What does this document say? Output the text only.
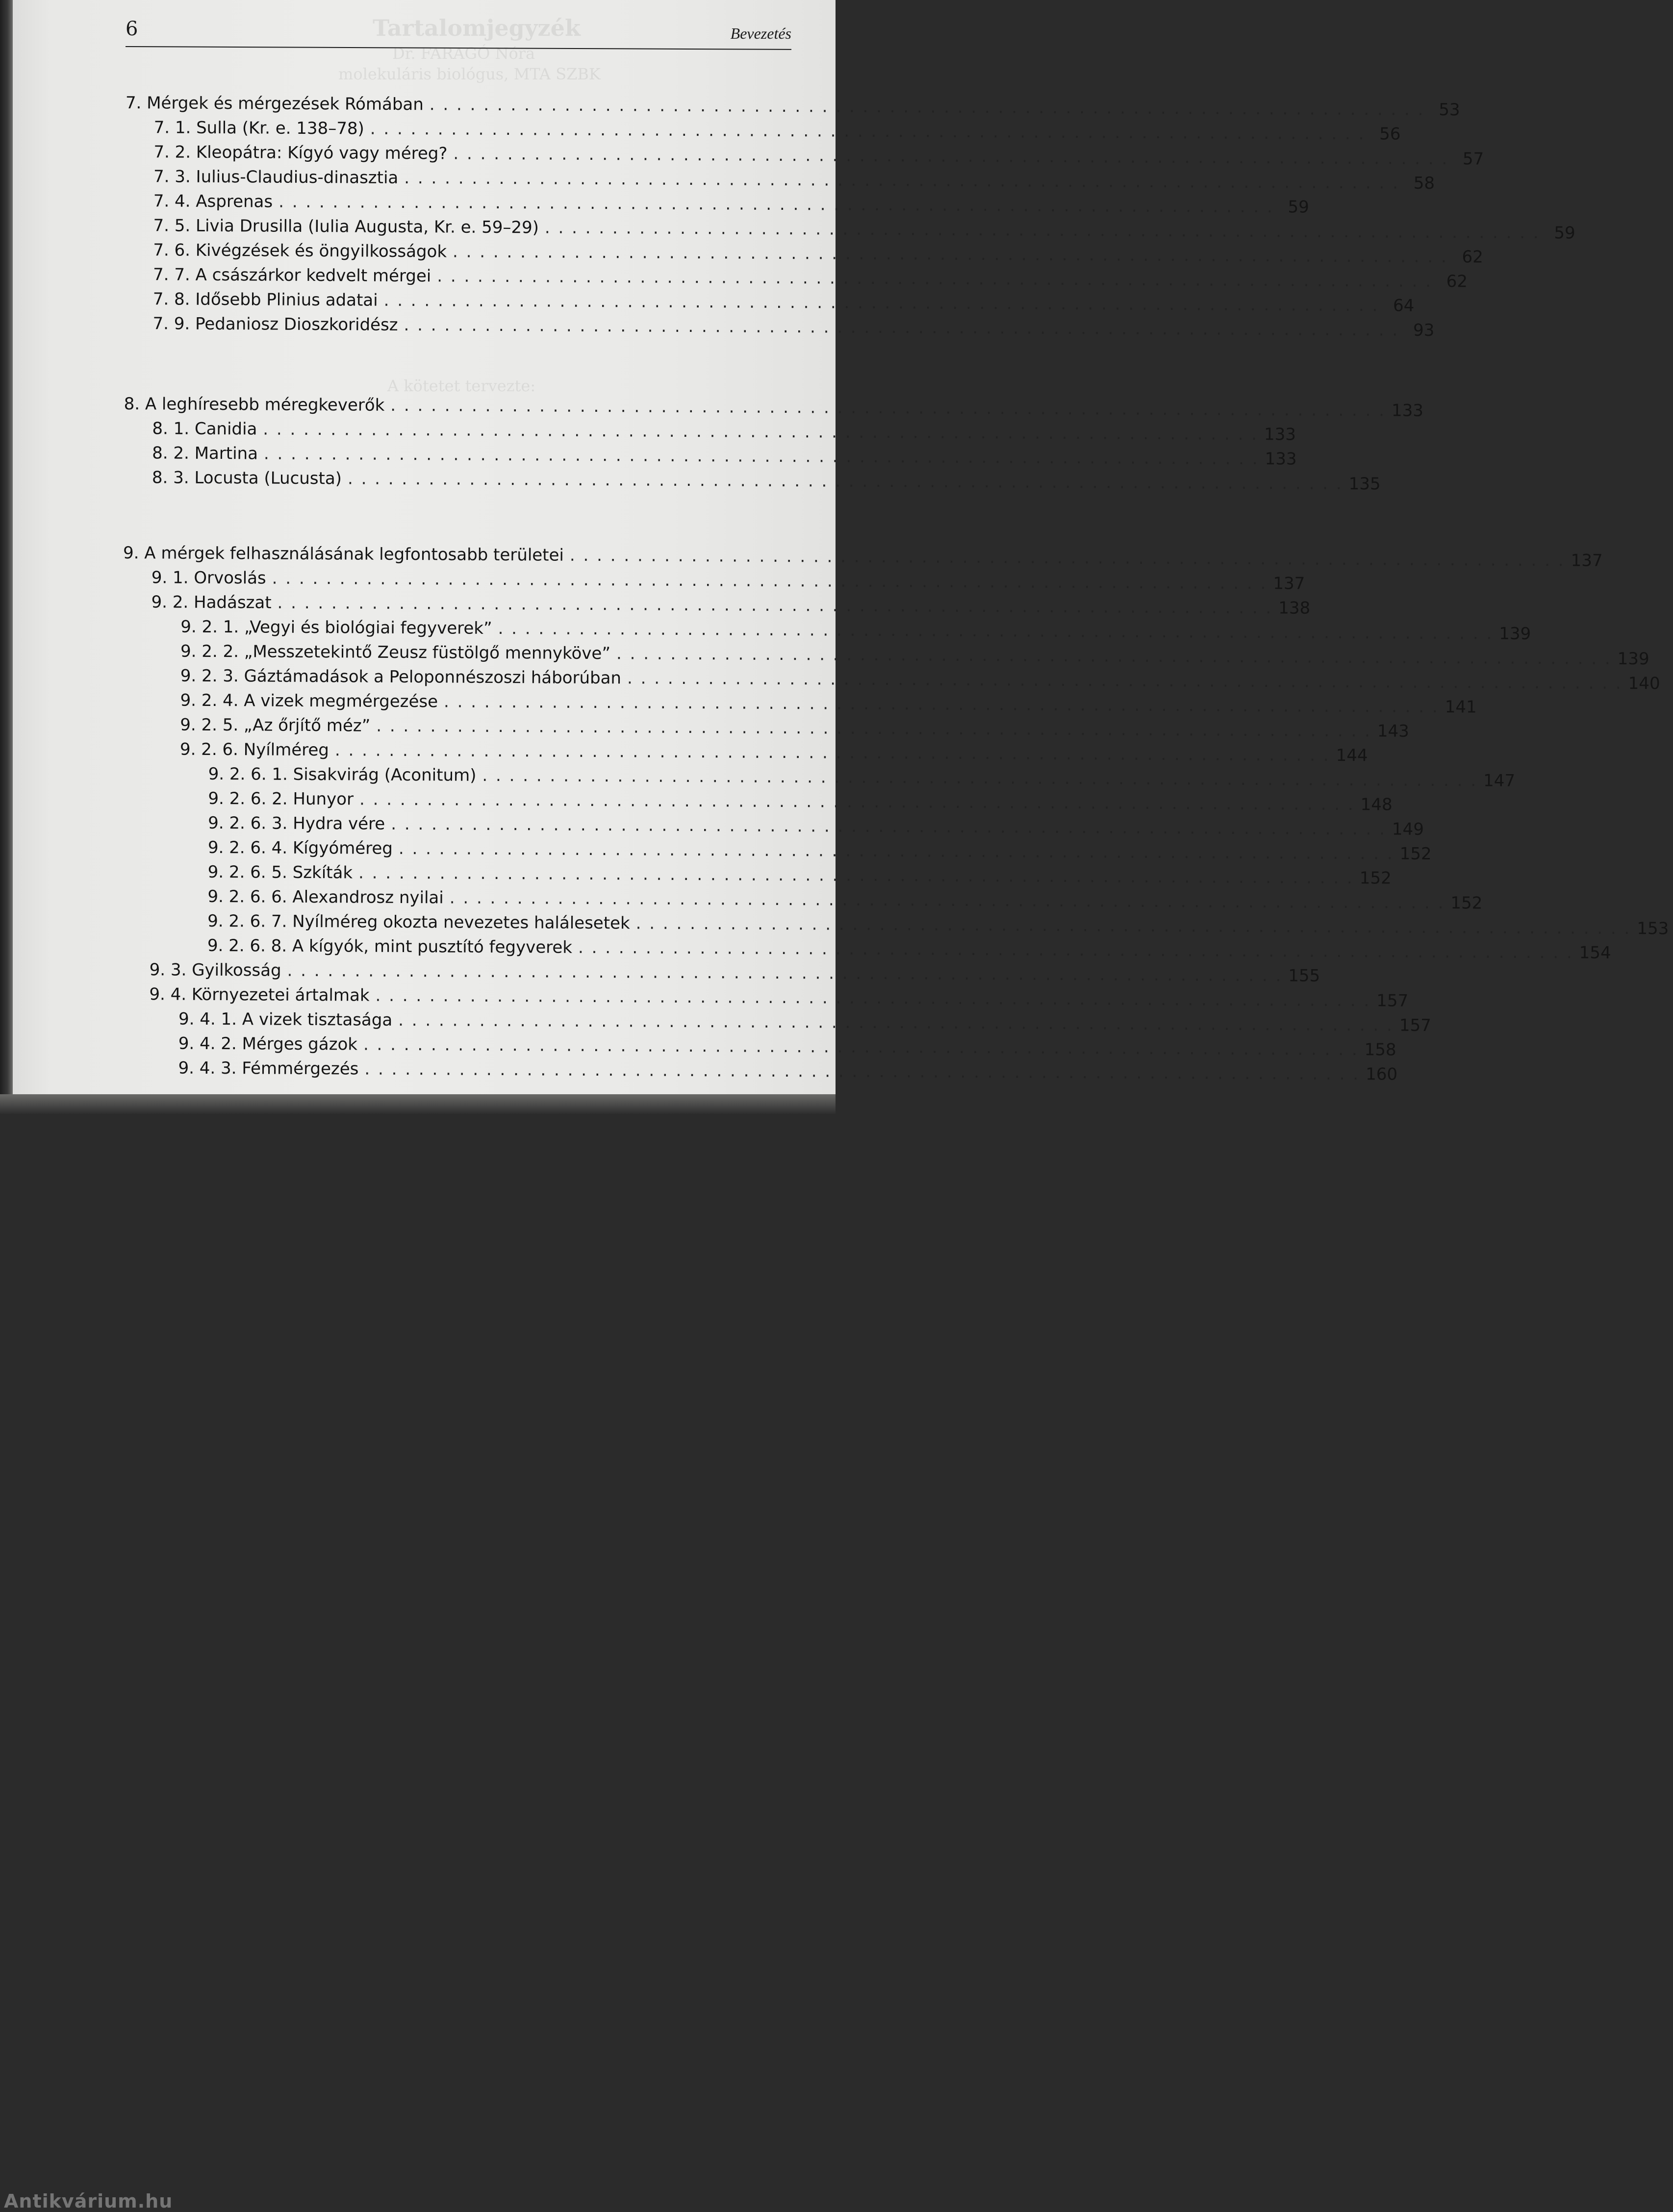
Tartalomjegyzék
Dr. FARAGÓ Nóra
molekuláris biológus, MTA SZBK
A kötetet tervezte:
6	Bevezetés
7. Mérgek és mérgezések Rómában . . . . . . . . . . . . . . . . . . . . . . . . . . . . . . . . . . . . . . . . . . . . . . . . . . . . . . . . . . . . . . . . . . . . . . . . . . 53
7. 1. Sulla (Kr. e. 138–78) . . . . . . . . . . . . . . . . . . . . . . . . . . . . . . . . . . . . . . . . . . . . . . . . . . . . . . . . . . . . . . . . . . . . . . . . . . 56
7. 2. Kleopátra: Kígyó vagy méreg? . . . . . . . . . . . . . . . . . . . . . . . . . . . . . . . . . . . . . . . . . . . . . . . . . . . . . . . . . . . . . . . . . . . . . . . . . . 57
7. 3. Iulius-Claudius-dinasztia . . . . . . . . . . . . . . . . . . . . . . . . . . . . . . . . . . . . . . . . . . . . . . . . . . . . . . . . . . . . . . . . . . . . . . . . . . 58
7. 4. Asprenas . . . . . . . . . . . . . . . . . . . . . . . . . . . . . . . . . . . . . . . . . . . . . . . . . . . . . . . . . . . . . . . . . . . . . . . . . . 59
7. 5. Livia Drusilla (Iulia Augusta, Kr. e. 59–29) . . . . . . . . . . . . . . . . . . . . . . . . . . . . . . . . . . . . . . . . . . . . . . . . . . . . . . . . . . . . . . . . . . . . . . . . . . 59
7. 6. Kivégzések és öngyilkosságok . . . . . . . . . . . . . . . . . . . . . . . . . . . . . . . . . . . . . . . . . . . . . . . . . . . . . . . . . . . . . . . . . . . . . . . . . . 62
7. 7. A császárkor kedvelt mérgei . . . . . . . . . . . . . . . . . . . . . . . . . . . . . . . . . . . . . . . . . . . . . . . . . . . . . . . . . . . . . . . . . . . . . . . . . . 62
7. 8. Idősebb Plinius adatai . . . . . . . . . . . . . . . . . . . . . . . . . . . . . . . . . . . . . . . . . . . . . . . . . . . . . . . . . . . . . . . . . . . . . . . . . . 64
7. 9. Pedaniosz Dioszkoridész . . . . . . . . . . . . . . . . . . . . . . . . . . . . . . . . . . . . . . . . . . . . . . . . . . . . . . . . . . . . . . . . . . . . . . . . . . 93
8. A leghíresebb méregkeverők . . . . . . . . . . . . . . . . . . . . . . . . . . . . . . . . . . . . . . . . . . . . . . . . . . . . . . . . . . . . . . . . . . . . . . . . . . 133
8. 1. Canidia . . . . . . . . . . . . . . . . . . . . . . . . . . . . . . . . . . . . . . . . . . . . . . . . . . . . . . . . . . . . . . . . . . . . . . . . . . 133
8. 2. Martina . . . . . . . . . . . . . . . . . . . . . . . . . . . . . . . . . . . . . . . . . . . . . . . . . . . . . . . . . . . . . . . . . . . . . . . . . . 133
8. 3. Locusta (Lucusta) . . . . . . . . . . . . . . . . . . . . . . . . . . . . . . . . . . . . . . . . . . . . . . . . . . . . . . . . . . . . . . . . . . . . . . . . . . 135
9. A mérgek felhasználásának legfontosabb területei . . . . . . . . . . . . . . . . . . . . . . . . . . . . . . . . . . . . . . . . . . . . . . . . . . . . . . . . . . . . . . . . . . . . . . . . . . 137
9. 1. Orvoslás . . . . . . . . . . . . . . . . . . . . . . . . . . . . . . . . . . . . . . . . . . . . . . . . . . . . . . . . . . . . . . . . . . . . . . . . . . 137
9. 2. Hadászat . . . . . . . . . . . . . . . . . . . . . . . . . . . . . . . . . . . . . . . . . . . . . . . . . . . . . . . . . . . . . . . . . . . . . . . . . . 138
9. 2. 1. „Vegyi és biológiai fegyverek” . . . . . . . . . . . . . . . . . . . . . . . . . . . . . . . . . . . . . . . . . . . . . . . . . . . . . . . . . . . . . . . . . . . . . . . . . . 139
9. 2. 2. „Messzetekintő Zeusz füstölgő mennyköve” . . . . . . . . . . . . . . . . . . . . . . . . . . . . . . . . . . . . . . . . . . . . . . . . . . . . . . . . . . . . . . . . . . . . . . . . . . 139
9. 2. 3. Gáztámadások a Peloponnészoszi háborúban . . . . . . . . . . . . . . . . . . . . . . . . . . . . . . . . . . . . . . . . . . . . . . . . . . . . . . . . . . . . . . . . . . . . . . . . . . 140
9. 2. 4. A vizek megmérgezése . . . . . . . . . . . . . . . . . . . . . . . . . . . . . . . . . . . . . . . . . . . . . . . . . . . . . . . . . . . . . . . . . . . . . . . . . . 141
9. 2. 5. „Az őrjítő méz” . . . . . . . . . . . . . . . . . . . . . . . . . . . . . . . . . . . . . . . . . . . . . . . . . . . . . . . . . . . . . . . . . . . . . . . . . . 143
9. 2. 6. Nyílméreg . . . . . . . . . . . . . . . . . . . . . . . . . . . . . . . . . . . . . . . . . . . . . . . . . . . . . . . . . . . . . . . . . . . . . . . . . . 144
9. 2. 6. 1. Sisakvirág (Aconitum) . . . . . . . . . . . . . . . . . . . . . . . . . . . . . . . . . . . . . . . . . . . . . . . . . . . . . . . . . . . . . . . . . . . . . . . . . . 147
9. 2. 6. 2. Hunyor . . . . . . . . . . . . . . . . . . . . . . . . . . . . . . . . . . . . . . . . . . . . . . . . . . . . . . . . . . . . . . . . . . . . . . . . . . 148
9. 2. 6. 3. Hydra vére . . . . . . . . . . . . . . . . . . . . . . . . . . . . . . . . . . . . . . . . . . . . . . . . . . . . . . . . . . . . . . . . . . . . . . . . . . 149
9. 2. 6. 4. Kígyóméreg . . . . . . . . . . . . . . . . . . . . . . . . . . . . . . . . . . . . . . . . . . . . . . . . . . . . . . . . . . . . . . . . . . . . . . . . . . 152
9. 2. 6. 5. Szkíták . . . . . . . . . . . . . . . . . . . . . . . . . . . . . . . . . . . . . . . . . . . . . . . . . . . . . . . . . . . . . . . . . . . . . . . . . . 152
9. 2. 6. 6. Alexandrosz nyilai . . . . . . . . . . . . . . . . . . . . . . . . . . . . . . . . . . . . . . . . . . . . . . . . . . . . . . . . . . . . . . . . . . . . . . . . . . 152
9. 2. 6. 7. Nyílméreg okozta nevezetes halálesetek . . . . . . . . . . . . . . . . . . . . . . . . . . . . . . . . . . . . . . . . . . . . . . . . . . . . . . . . . . . . . . . . . . . . . . . . . . 153
9. 2. 6. 8. A kígyók, mint pusztító fegyverek . . . . . . . . . . . . . . . . . . . . . . . . . . . . . . . . . . . . . . . . . . . . . . . . . . . . . . . . . . . . . . . . . . . . . . . . . . 154
9. 3. Gyilkosság . . . . . . . . . . . . . . . . . . . . . . . . . . . . . . . . . . . . . . . . . . . . . . . . . . . . . . . . . . . . . . . . . . . . . . . . . . 155
9. 4. Környezetei ártalmak . . . . . . . . . . . . . . . . . . . . . . . . . . . . . . . . . . . . . . . . . . . . . . . . . . . . . . . . . . . . . . . . . . . . . . . . . . 157
9. 4. 1. A vizek tisztasága . . . . . . . . . . . . . . . . . . . . . . . . . . . . . . . . . . . . . . . . . . . . . . . . . . . . . . . . . . . . . . . . . . . . . . . . . . 157
9. 4. 2. Mérges gázok . . . . . . . . . . . . . . . . . . . . . . . . . . . . . . . . . . . . . . . . . . . . . . . . . . . . . . . . . . . . . . . . . . . . . . . . . . 158
9. 4. 3. Fémmérgezés . . . . . . . . . . . . . . . . . . . . . . . . . . . . . . . . . . . . . . . . . . . . . . . . . . . . . . . . . . . . . . . . . . . . . . . . . . 160
Antikvárium.hu
